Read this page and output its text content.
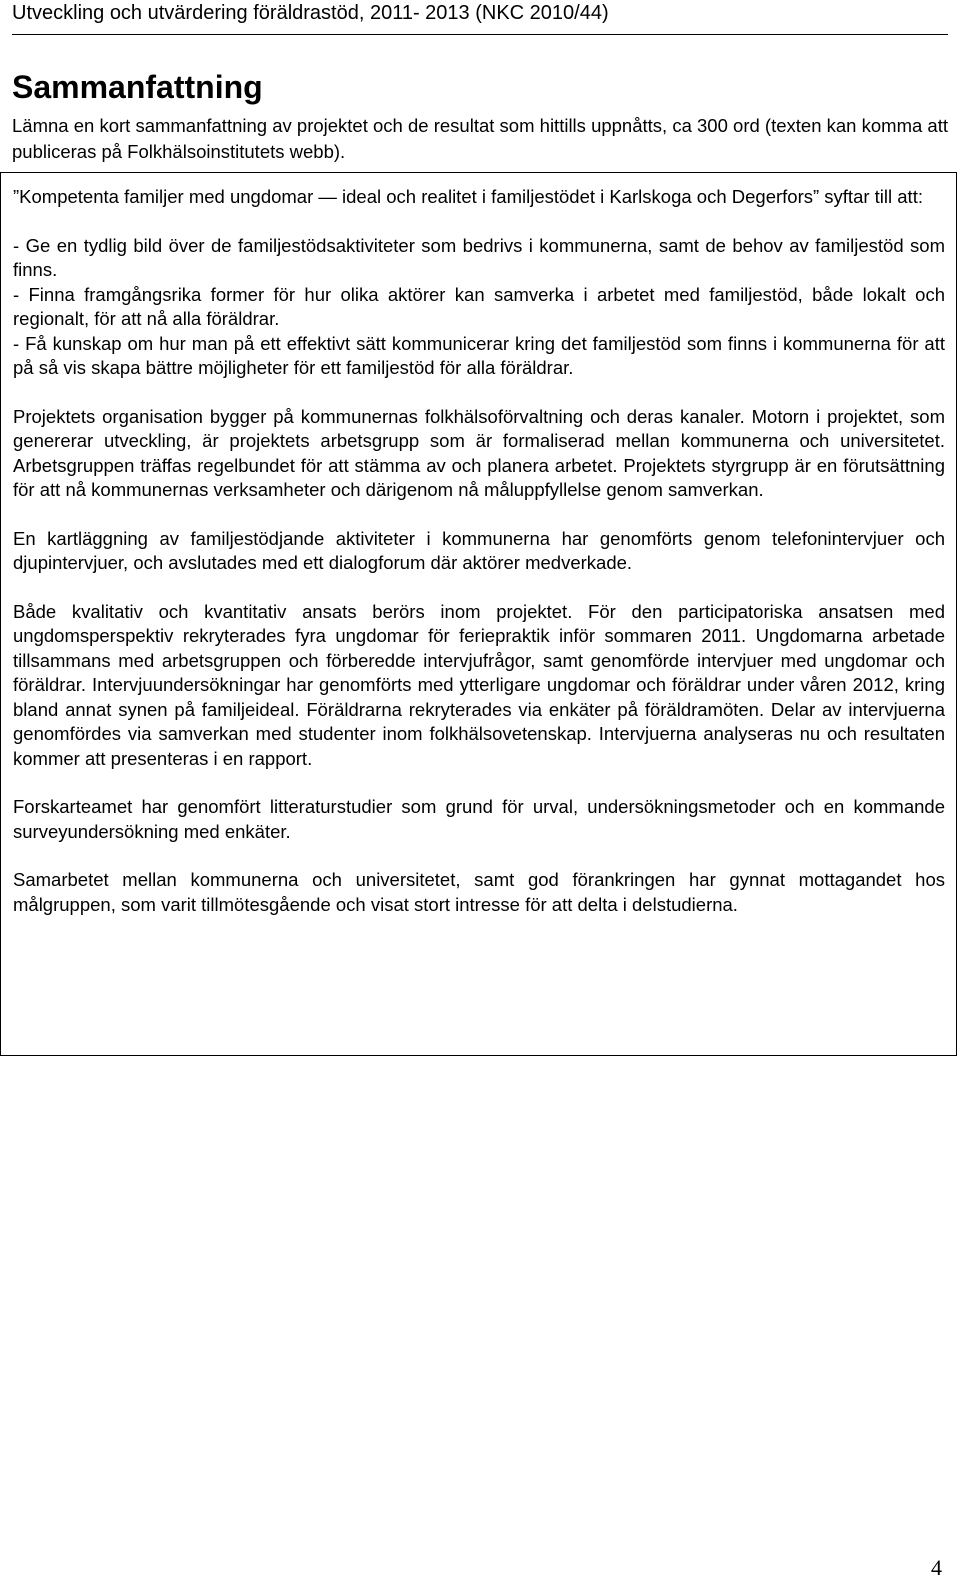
Utveckling och utvärdering föräldrastöd, 2011- 2013 (NKC 2010/44)
Sammanfattning

Lämna en kort sammanfattning av projektet och de resultat som hittills uppnåtts, ca 300 ord (texten kan komma att publiceras på Folkhälsoinstitutets webb).

”Kompetenta familjer med ungdomar — ideal och realitet i familjestödet i Karlskoga och Degerfors” syftar till att:

- Ge en tydlig bild över de familjestödsaktiviteter som bedrivs i kommunerna, samt de behov av familjestöd som finns.

- Finna framgångsrika former för hur olika aktörer kan samverka i arbetet med familjestöd, både lokalt och regionalt, för att nå alla föräldrar.

- Få kunskap om hur man på ett effektivt sätt kommunicerar kring det familjestöd som finns i kommunerna för att på så vis skapa bättre möjligheter för ett familjestöd för alla föräldrar.

Projektets organisation bygger på kommunernas folkhälsoförvaltning och deras kanaler. Motorn i projektet, som genererar utveckling, är projektets arbetsgrupp som är formaliserad mellan kommunerna och universitetet. Arbetsgruppen träffas regelbundet för att stämma av och planera arbetet. Projektets styrgrupp är en förutsättning för att nå kommunernas verksamheter och därigenom nå måluppfyllelse genom samverkan.

En kartläggning av familjestödjande aktiviteter i kommunerna har genomförts genom telefonintervjuer och djupintervjuer, och avslutades med ett dialogforum där aktörer medverkade.

Både kvalitativ och kvantitativ ansats berörs inom projektet. För den participatoriska ansatsen med ungdomsperspektiv rekryterades fyra ungdomar för feriepraktik inför sommaren 2011. Ungdomarna arbetade tillsammans med arbetsgruppen och förberedde intervjufrågor, samt genomförde intervjuer med ungdomar och föräldrar. Intervjuundersökningar har genomförts med ytterligare ungdomar och föräldrar under våren 2012, kring bland annat synen på familjeideal. Föräldrarna rekryterades via enkäter på föräldramöten. Delar av intervjuerna genomfördes via samverkan med studenter inom folkhälsovetenskap. Intervjuerna analyseras nu och resultaten kommer att presenteras i en rapport.

Forskarteamet har genomfört litteraturstudier som grund för urval, undersökningsmetoder och en kommande surveyundersökning med enkäter.

Samarbetet mellan kommunerna och universitetet, samt god förankringen har gynnat mottagandet hos målgruppen, som varit tillmötesgående och visat stort intresse för att delta i delstudierna.

4
